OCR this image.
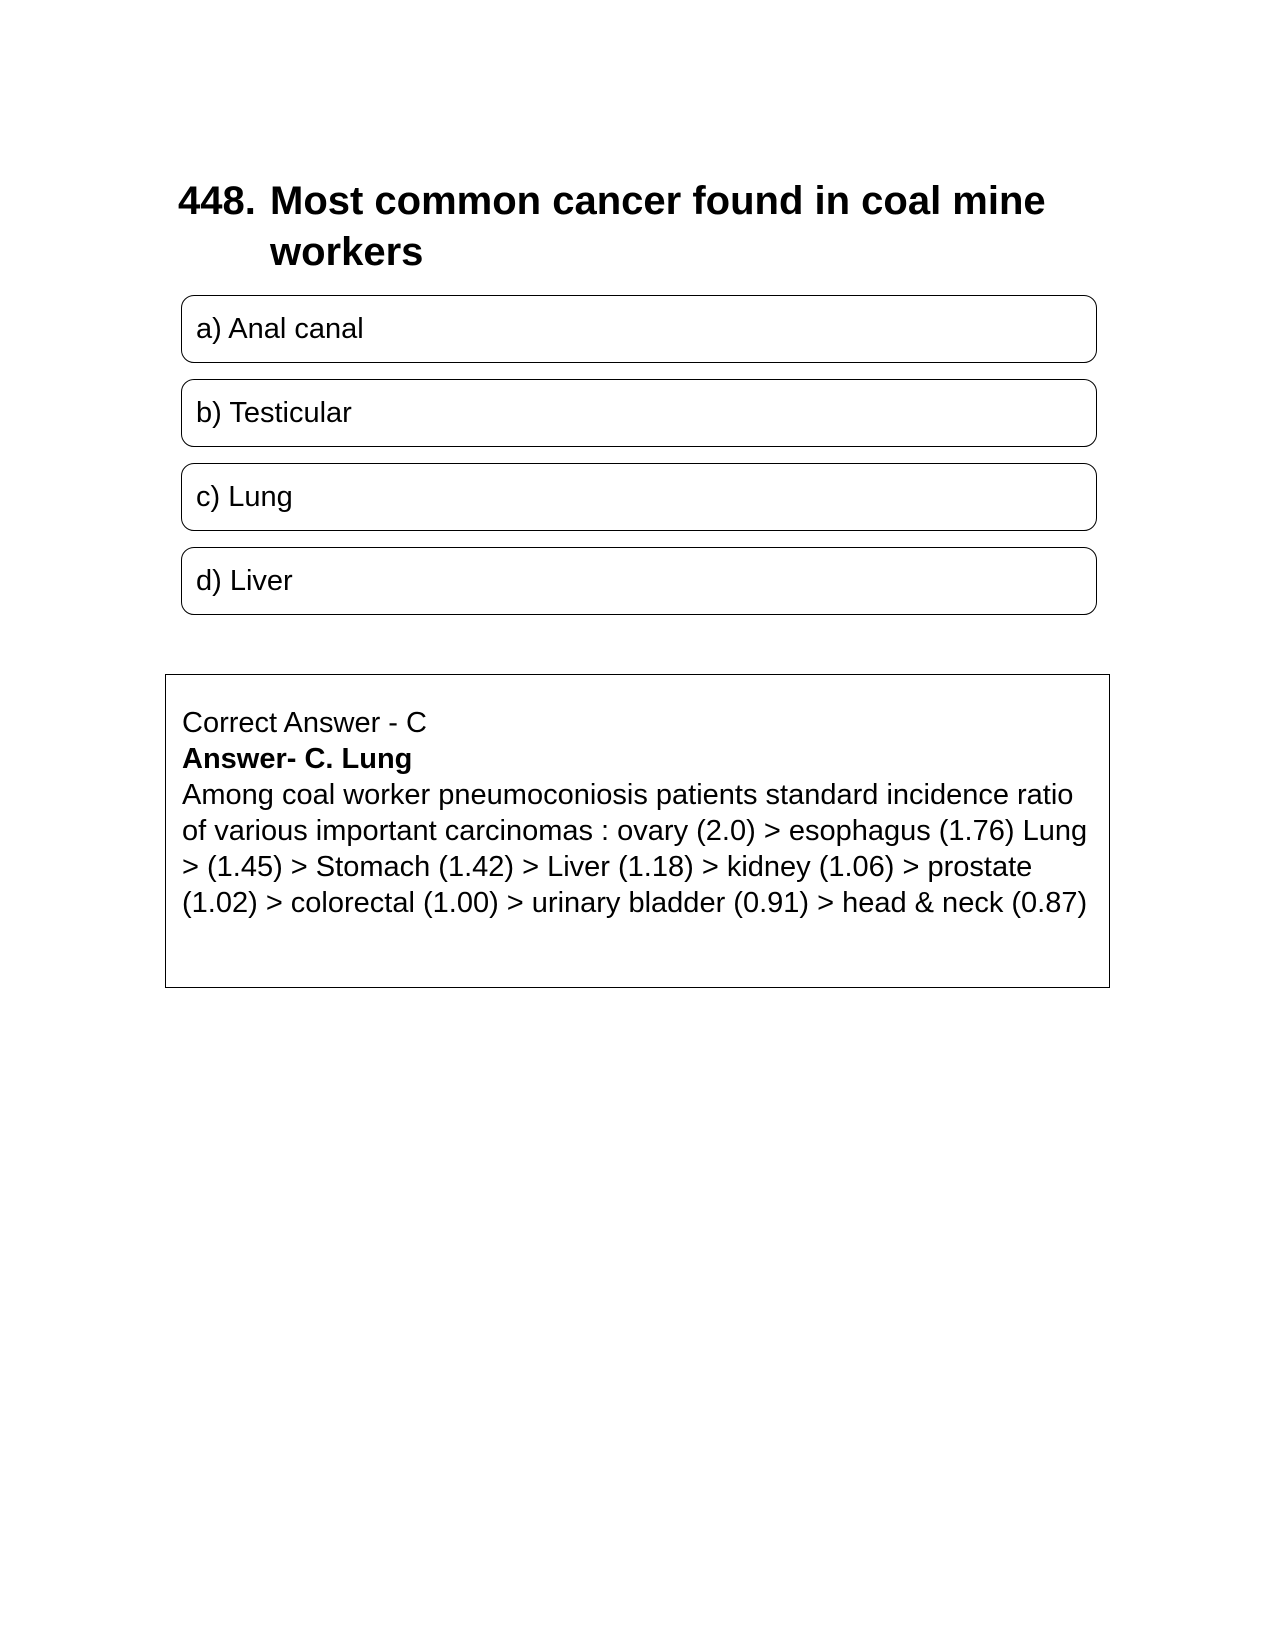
448. Most common cancer found in coal mine workers
a) Anal canal
b) Testicular
c) Lung
d) Liver
Correct Answer - C
Answer- C. Lung
Among coal worker pneumoconiosis patients standard incidence ratio of various important carcinomas : ovary (2.0) > esophagus (1.76) Lung > (1.45) > Stomach (1.42) > Liver (1.18) > kidney (1.06) > prostate (1.02) > colorectal (1.00) > urinary bladder (0.91) > head & neck (0.87)
